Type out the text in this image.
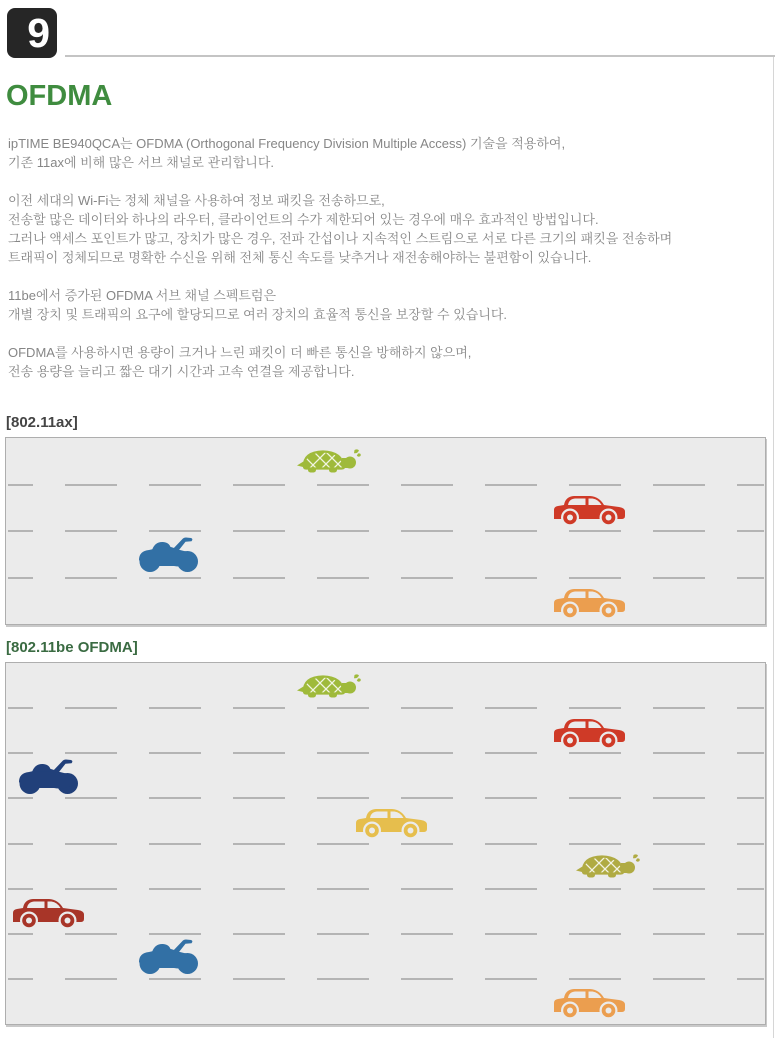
9
OFDMA

ipTIME BE940QCA는 OFDMA (Orthogonal Frequency Division Multiple Access) 기술을 적용하여,
기존 11ax에 비해 많은 서브 채널로 관리합니다.

이전 세대의 Wi-Fi는 정체 채널을 사용하여 정보 패킷을 전송하므로,
전송할 많은 데이터와 하나의 라우터, 클라이언트의 수가 제한되어 있는 경우에 매우 효과적인 방법입니다.
그러나 액세스 포인트가 많고, 장치가 많은 경우, 전파 간섭이나 지속적인 스트림으로 서로 다른 크기의 패킷을 전송하며
트래픽이 정체되므로 명확한 수신을 위해 전체 통신 속도를 낮추거나 재전송해야하는 불편함이 있습니다.

11be에서 증가된 OFDMA 서브 채널 스펙트럼은
개별 장치 및 트래픽의 요구에 할당되므로 여러 장치의 효율적 통신을 보장할 수 있습니다.

OFDMA를 사용하시면 용량이 크거나 느린 패킷이 더 빠른 통신을 방해하지 않으며,
전송 용량을 늘리고 짧은 대기 시간과 고속 연결을 제공합니다.

[802.11ax]
[802.11be OFDMA]
